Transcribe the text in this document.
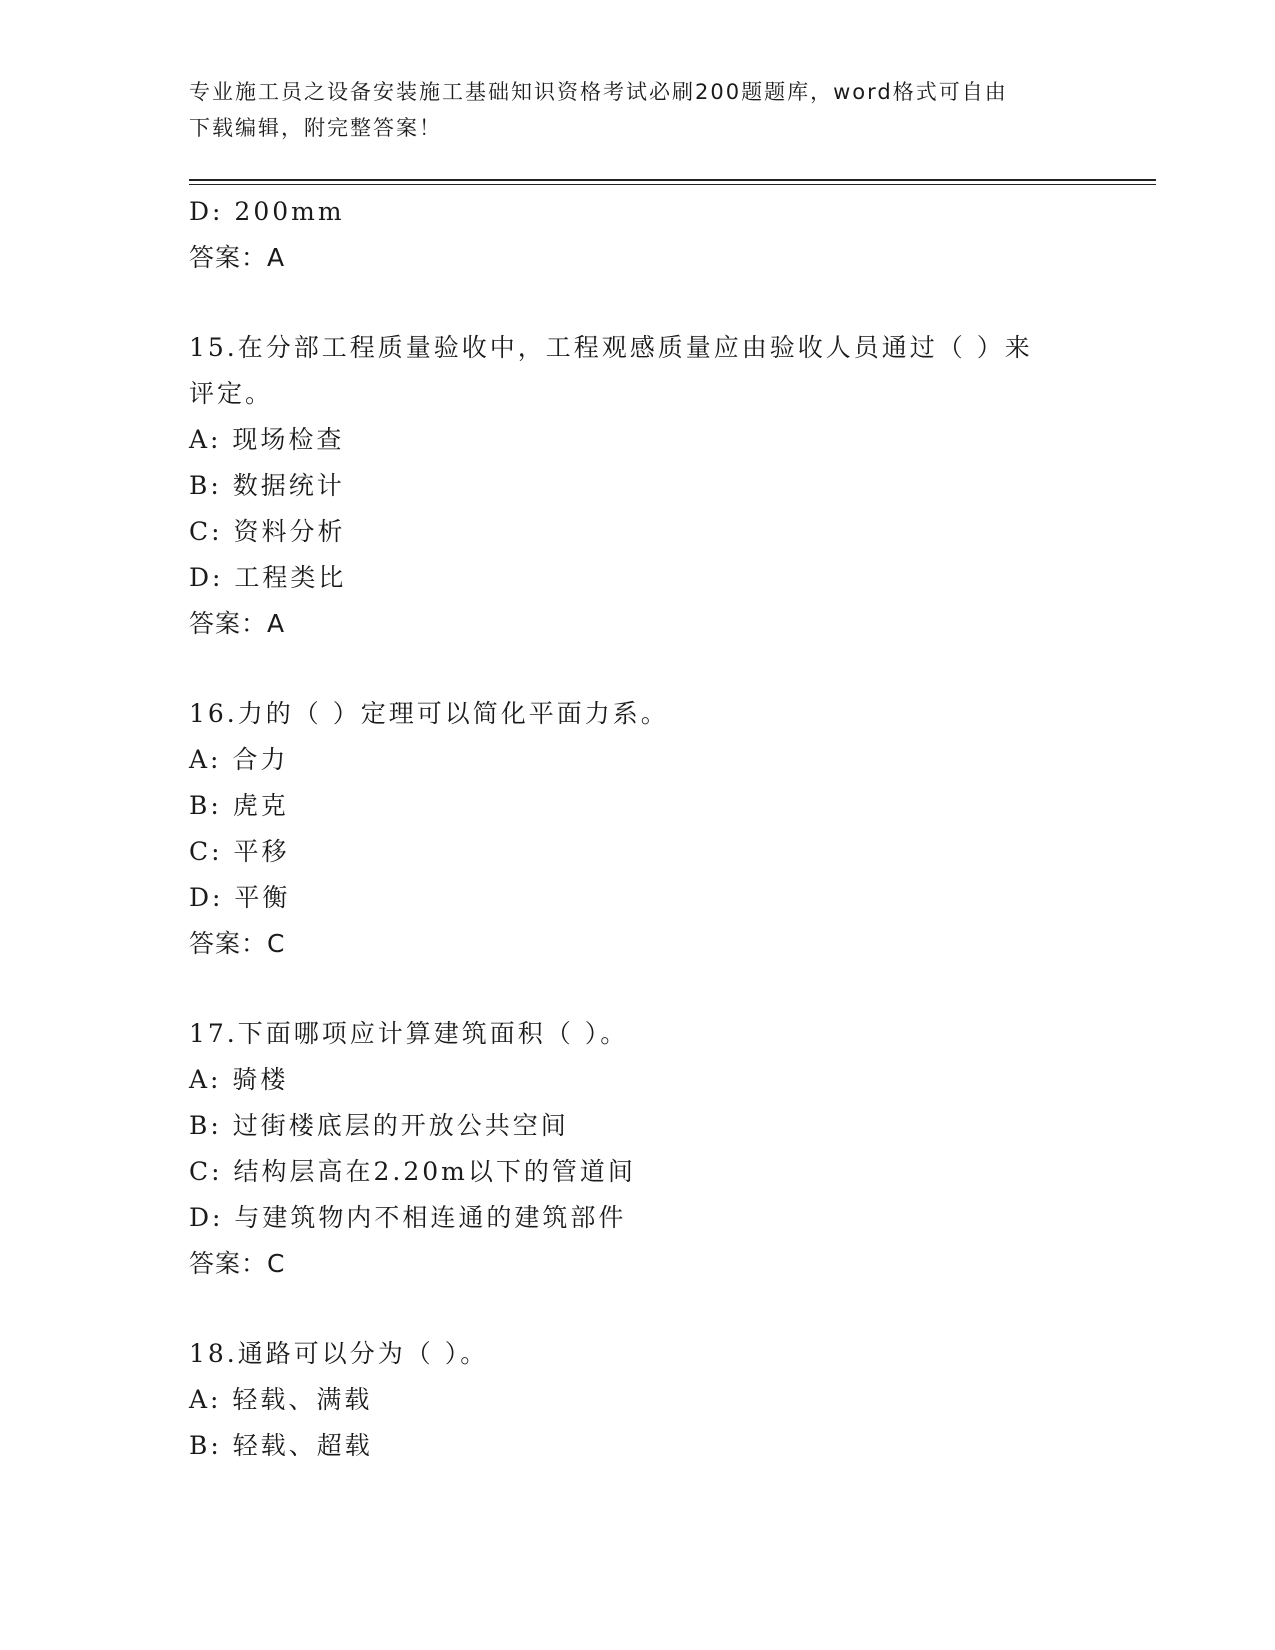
专业施工员之设备安装施工基础知识资格考试必刷200题题库，word格式可自由
下载编辑，附完整答案！
D: 200mm
答案：A
15.在分部工程质量验收中，工程观感质量应由验收人员通过（ ）来
评定。
A: 现场检查
B: 数据统计
C: 资料分析
D: 工程类比
答案：A
16.力的（ ）定理可以简化平面力系。
A: 合力
B: 虎克
C: 平移
D: 平衡
答案：C
17.下面哪项应计算建筑面积（ ）。
A: 骑楼
B: 过街楼底层的开放公共空间
C: 结构层高在2.20m以下的管道间
D: 与建筑物内不相连通的建筑部件
答案：C
18.通路可以分为（ ）。
A: 轻载、满载
B: 轻载、超载
